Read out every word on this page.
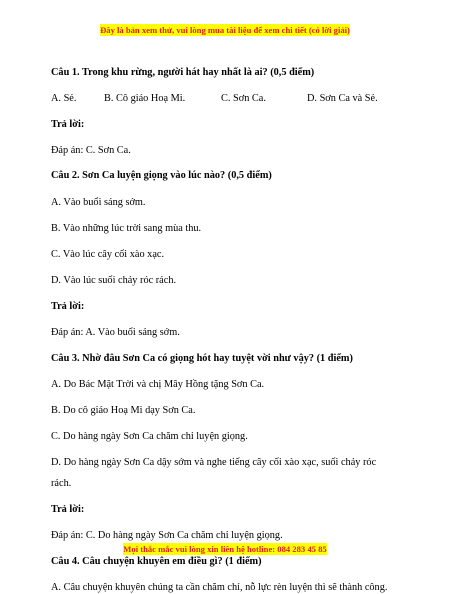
Đây là bản xem thử, vui lòng mua tài liệu để xem chi tiết (có lời giải)
Câu 1. Trong khu rừng, người hát hay nhất là ai? (0,5 điểm)
A. Sẻ.	B. Cô giáo Hoạ Mi.	C. Sơn Ca.	D. Sơn Ca và Sẻ.
Trả lời:
Đáp án: C. Sơn Ca.
Câu 2. Sơn Ca luyện giọng vào lúc nào? (0,5 điểm)
A. Vào buổi sáng sớm.
B. Vào những lúc trời sang mùa thu.
C. Vào lúc cây cối xào xạc.
D. Vào lúc suối chảy róc rách.
Trả lời:
Đáp án: A. Vào buổi sáng sớm.
Câu 3. Nhờ đâu Sơn Ca có giọng hót hay tuyệt vời như vậy? (1 điểm)
A. Do Bác Mặt Trời và chị Mây Hồng tặng Sơn Ca.
B. Do cô giáo Hoạ Mi dạy Sơn Ca.
C. Do hàng ngày Sơn Ca chăm chỉ luyện giọng.
D. Do hàng ngày Sơn Ca dậy sớm và nghe tiếng cây cối xào xạc, suối chảy róc rách.
Trả lời:
Đáp án: C. Do hàng ngày Sơn Ca chăm chỉ luyện giọng.
Câu 4. Câu chuyện khuyên em điều gì? (1 điểm)
A. Câu chuyện khuyên chúng ta cần chăm chỉ, nỗ lực rèn luyện thì sẽ thành công.
Mọi thắc mắc vui lòng xin liên hệ hotline: 084 283 45 85
